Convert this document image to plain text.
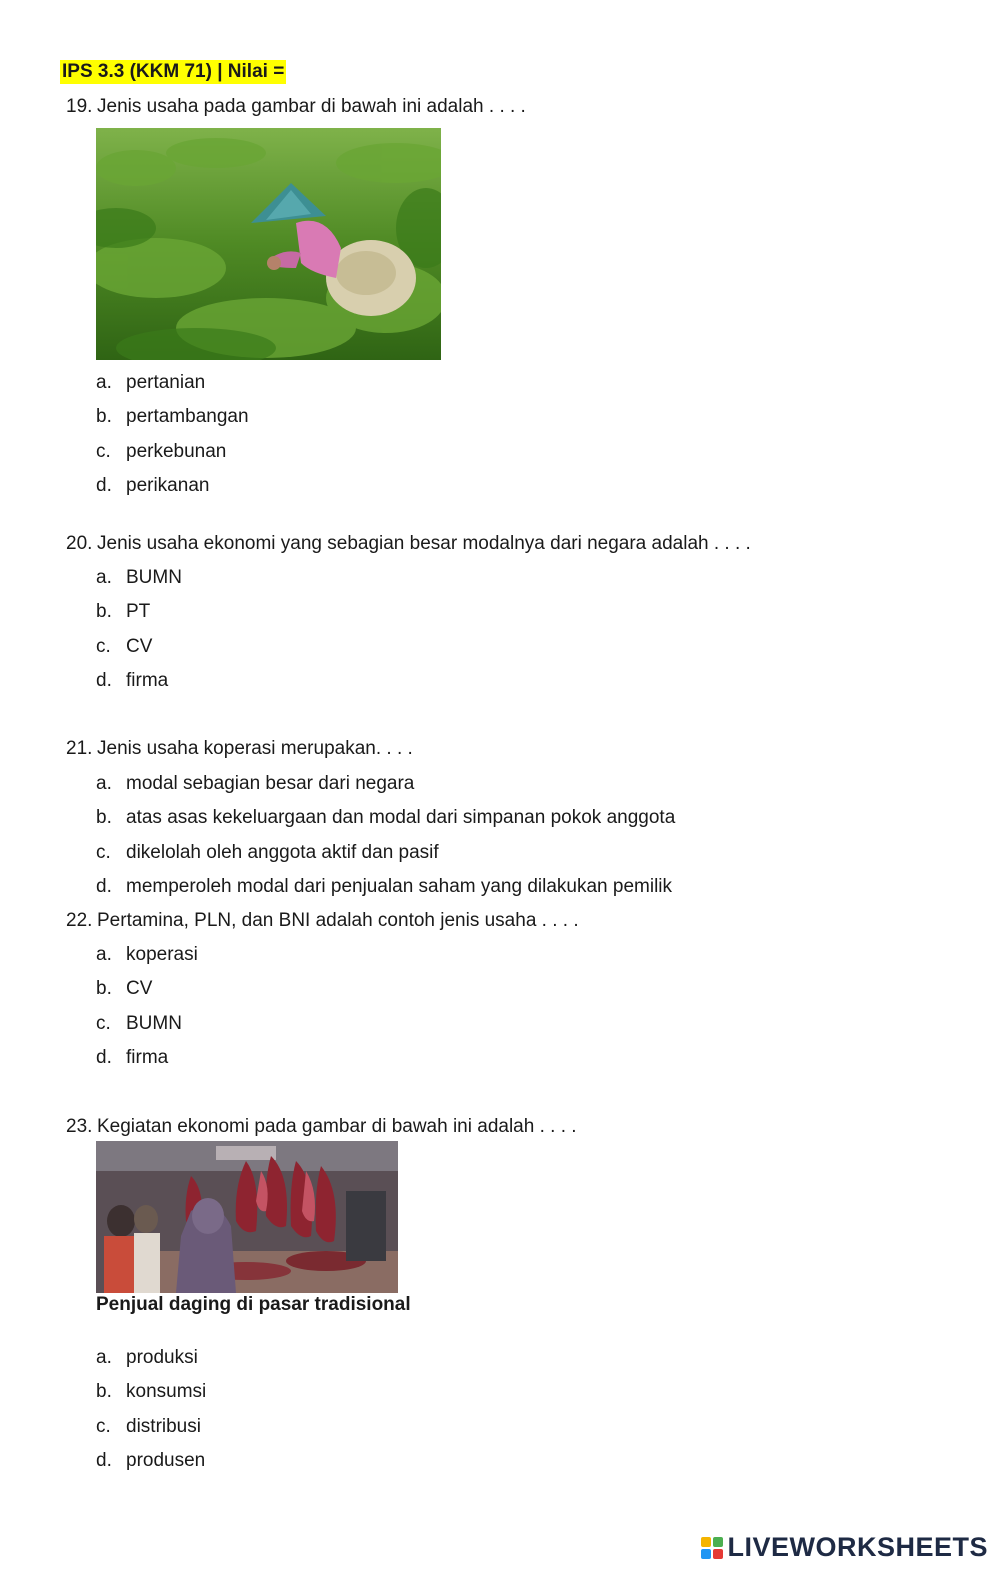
IPS 3.3 (KKM 71) | Nilai =
19. Jenis usaha pada gambar di bawah ini adalah . . . .
a. pertanian
b. pertambangan
c. perkebunan
d. perikanan
20. Jenis usaha ekonomi yang sebagian besar modalnya dari negara adalah . . . .
a. BUMN
b. PT
c. CV
d. firma
21. Jenis usaha koperasi merupakan. . . .
a. modal sebagian besar dari negara
b. atas asas kekeluargaan dan modal dari simpanan pokok anggota
c. dikelolah oleh anggota aktif dan pasif
d. memperoleh modal dari penjualan saham yang dilakukan pemilik
22. Pertamina, PLN, dan BNI adalah contoh jenis usaha . . . .
a. koperasi
b. CV
c. BUMN
d. firma
23. Kegiatan ekonomi pada gambar di bawah ini adalah . . . .
Penjual daging di pasar tradisional
a. produksi
b. konsumsi
c. distribusi
d. produsen
LIVEWORKSHEETS
